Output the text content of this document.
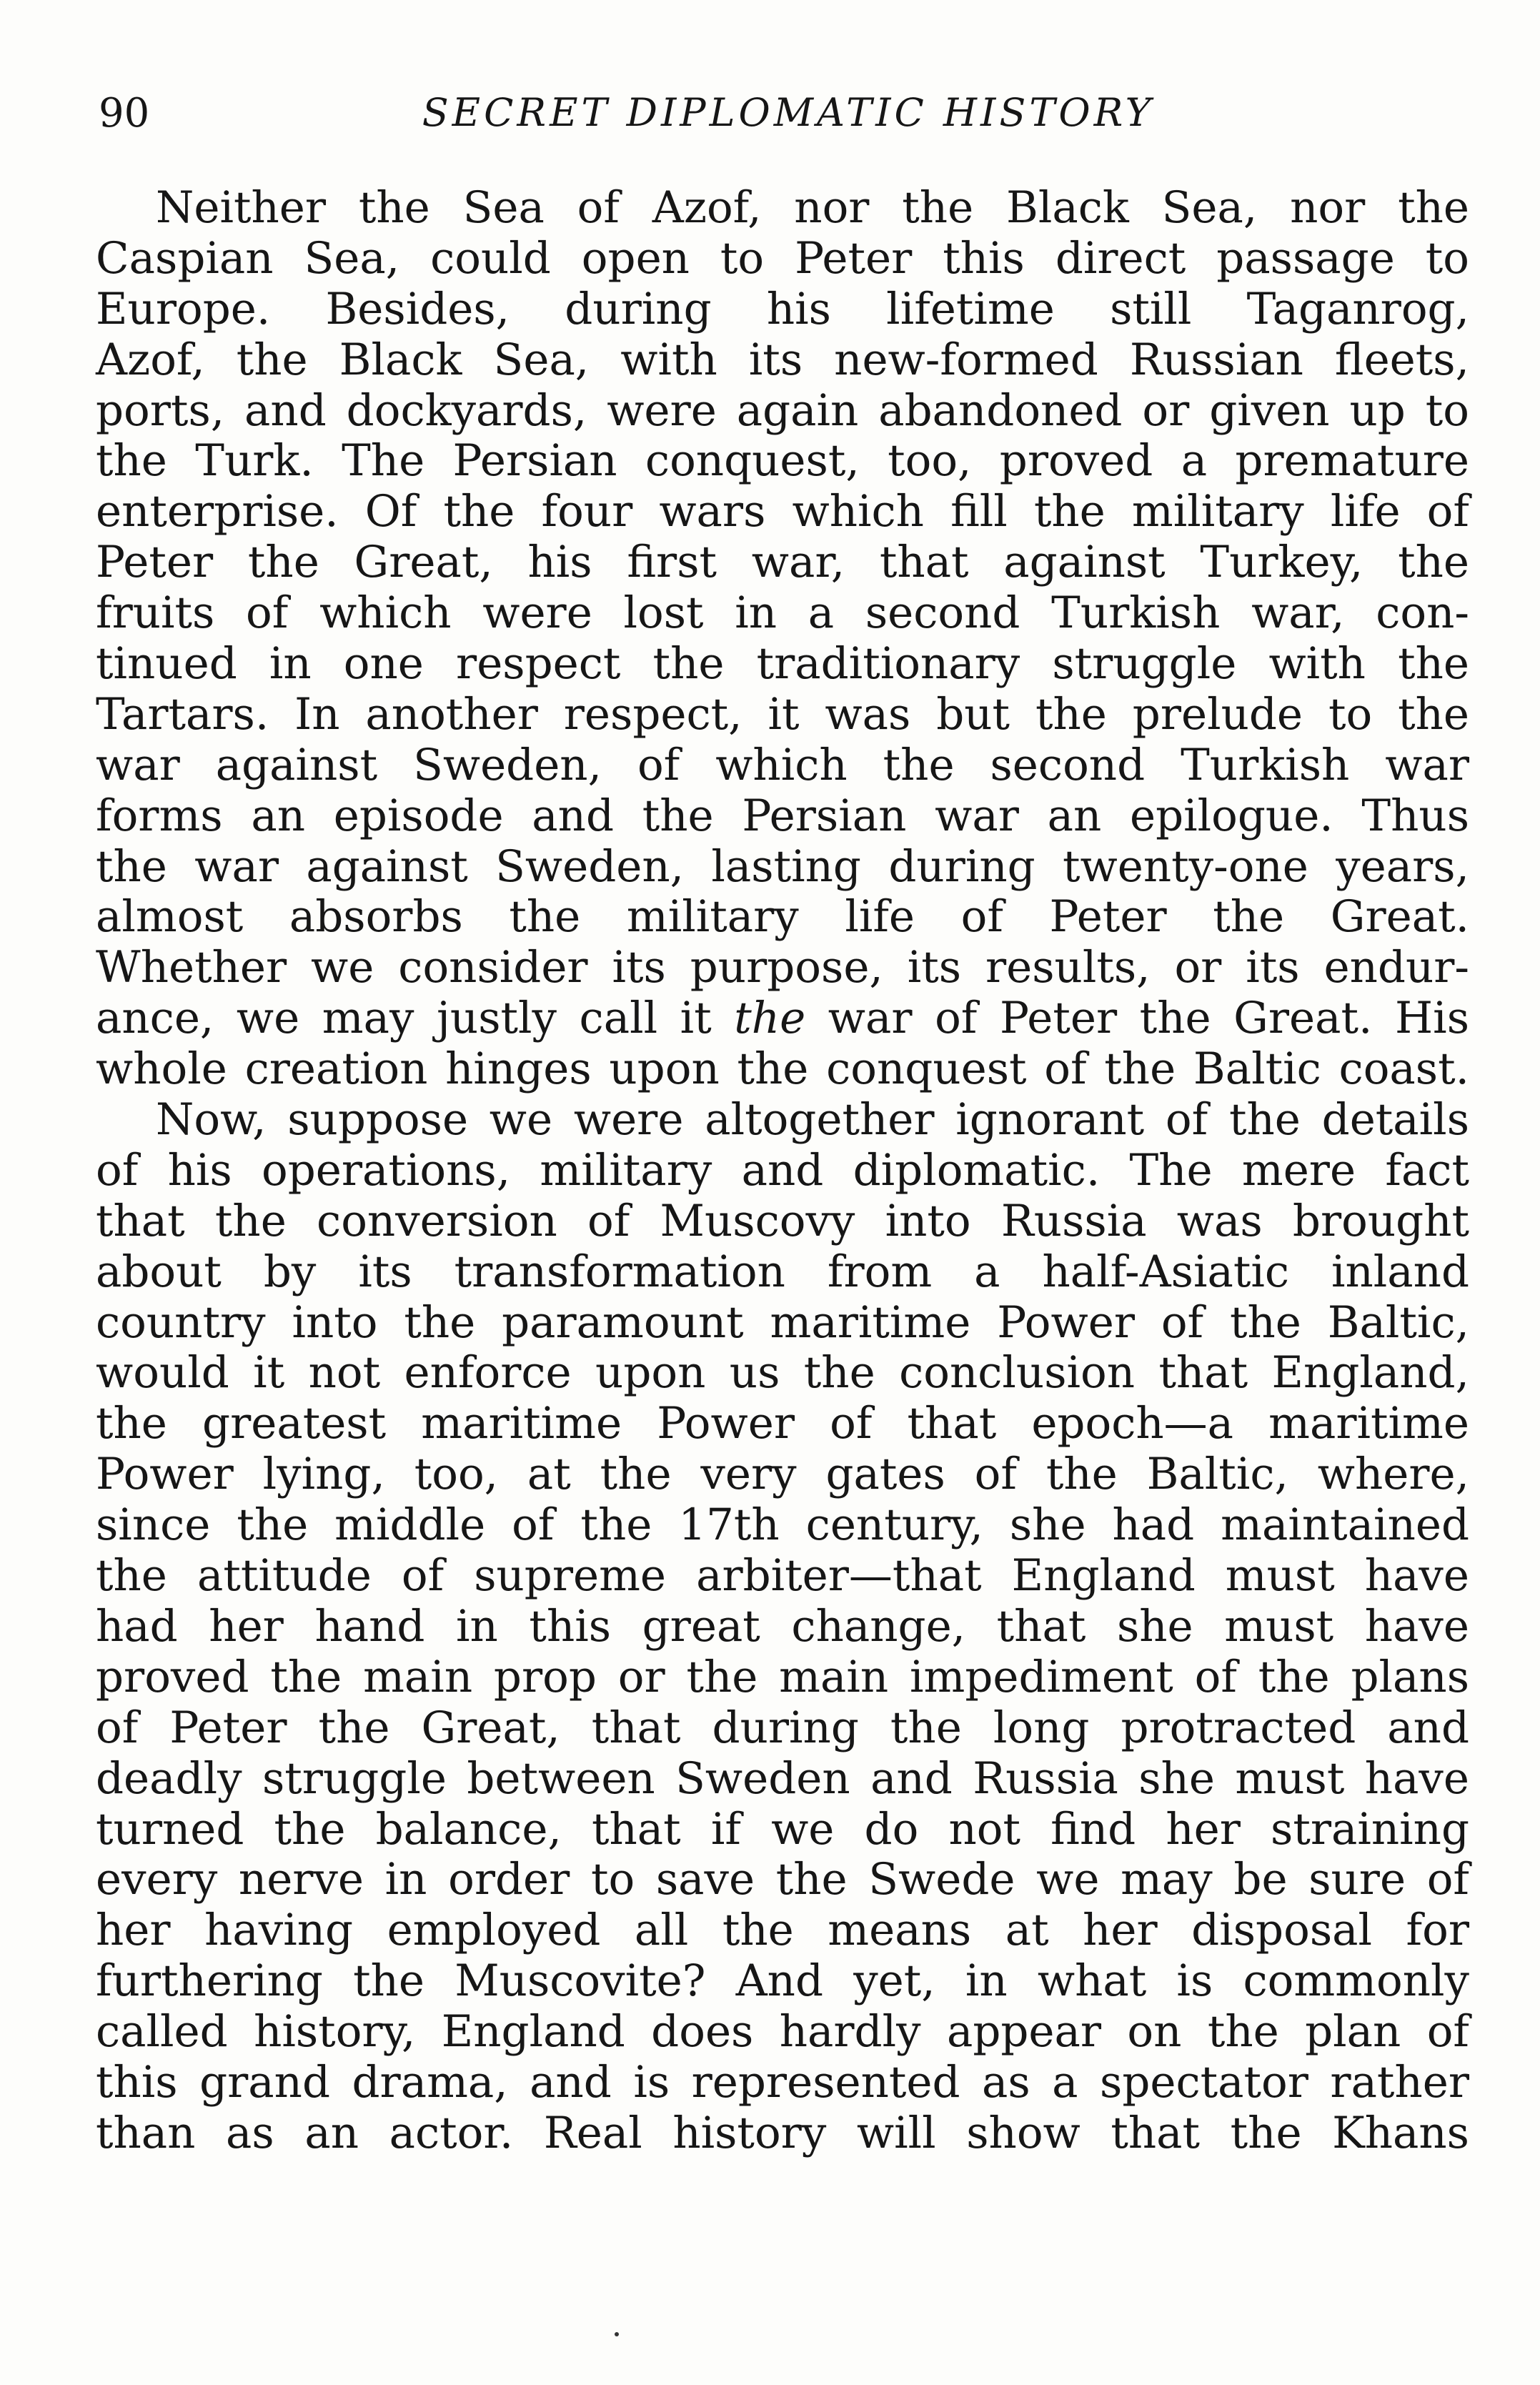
90	SECRET DIPLOMATIC HISTORY
Neither the Sea of Azof, nor the Black Sea, nor the
Caspian Sea, could open to Peter this direct passage to
Europe. Besides, during his lifetime still Taganrog,
Azof, the Black Sea, with its new-formed Russian fleets,
ports, and dockyards, were again abandoned or given up to
the Turk. The Persian conquest, too, proved a premature
enterprise. Of the four wars which fill the military life of
Peter the Great, his first war, that against Turkey, the
fruits of which were lost in a second Turkish war, con-
tinued in one respect the traditionary struggle with the
Tartars. In another respect, it was but the prelude to the
war against Sweden, of which the second Turkish war
forms an episode and the Persian war an epilogue. Thus
the war against Sweden, lasting during twenty-one years,
almost absorbs the military life of Peter the Great.
Whether we consider its purpose, its results, or its endur-
ance, we may justly call it the war of Peter the Great. His
whole creation hinges upon the conquest of the Baltic coast.
Now, suppose we were altogether ignorant of the details
of his operations, military and diplomatic. The mere fact
that the conversion of Muscovy into Russia was brought
about by its transformation from a half-Asiatic inland
country into the paramount maritime Power of the Baltic,
would it not enforce upon us the conclusion that England,
the greatest maritime Power of that epoch—a maritime
Power lying, too, at the very gates of the Baltic, where,
since the middle of the 17th century, she had maintained
the attitude of supreme arbiter—that England must have
had her hand in this great change, that she must have
proved the main prop or the main impediment of the plans
of Peter the Great, that during the long protracted and
deadly struggle between Sweden and Russia she must have
turned the balance, that if we do not find her straining
every nerve in order to save the Swede we may be sure of
her having employed all the means at her disposal for
furthering the Muscovite? And yet, in what is commonly
called history, England does hardly appear on the plan of
this grand drama, and is represented as a spectator rather
than as an actor. Real history will show that the Khans
